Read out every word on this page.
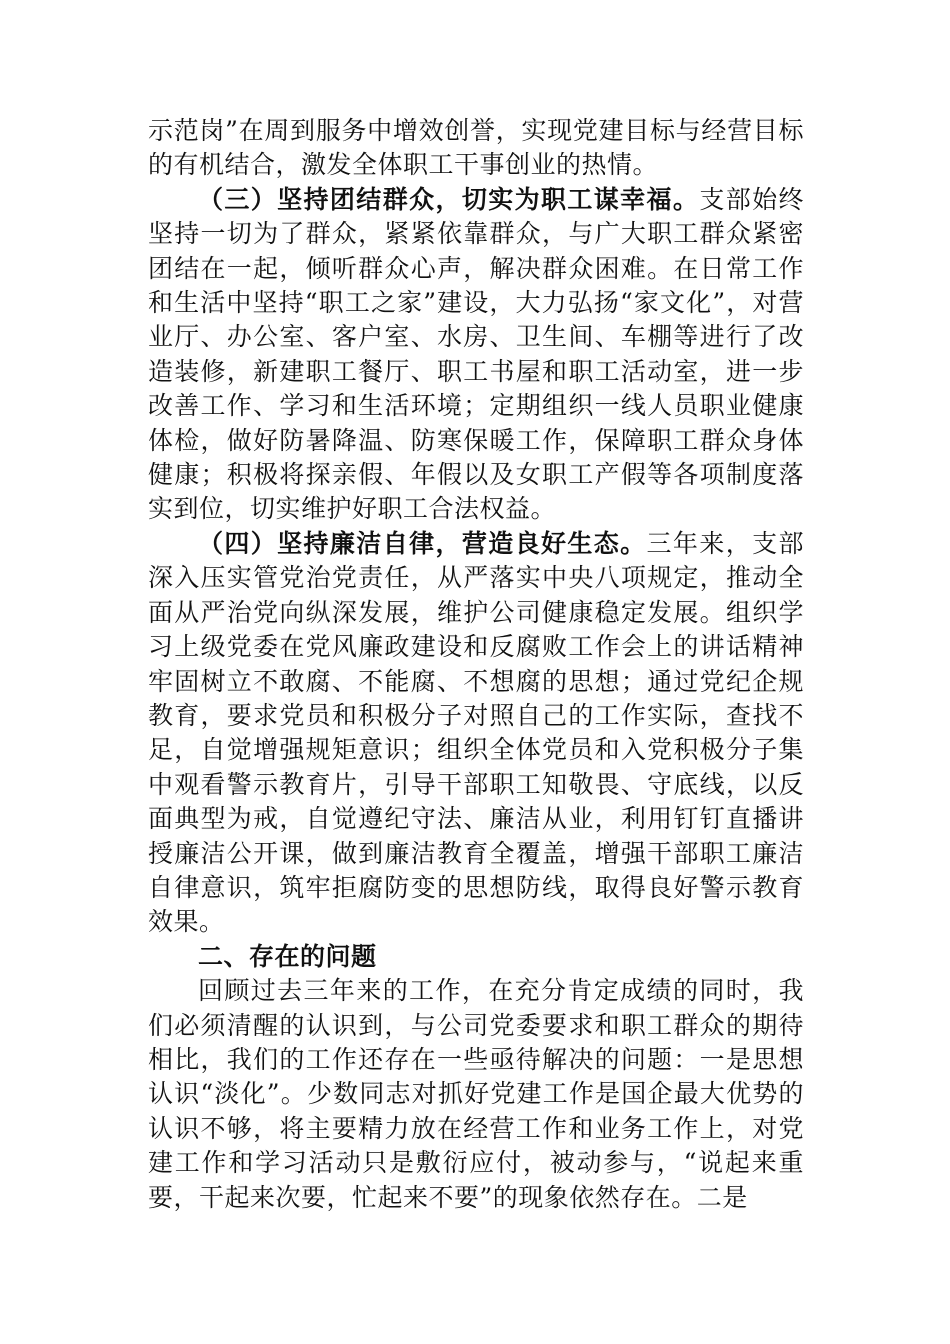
示范岗”在周到服务中增效创誉，实现党建目标与经营目标的有机结合，激发全体职工干事创业的热情。

（三）坚持团结群众，切实为职工谋幸福。支部始终坚持一切为了群众，紧紧依靠群众，与广大职工群众紧密团结在一起，倾听群众心声，解决群众困难。在日常工作和生活中坚持“职工之家”建设，大力弘扬“家文化”，对营业厅、办公室、客户室、水房、卫生间、车棚等进行了改造装修，新建职工餐厅、职工书屋和职工活动室，进一步改善工作、学习和生活环境；定期组织一线人员职业健康体检，做好防暑降温、防寒保暖工作，保障职工群众身体健康；积极将探亲假、年假以及女职工产假等各项制度落实到位，切实维护好职工合法权益。

（四）坚持廉洁自律，营造良好生态。三年来，支部深入压实管党治党责任，从严落实中央八项规定，推动全面从严治党向纵深发展，维护公司健康稳定发展。组织学习上级党委在党风廉政建设和反腐败工作会上的讲话精神牢固树立不敢腐、不能腐、不想腐的思想；通过党纪企规教育，要求党员和积极分子对照自己的工作实际，查找不足，自觉增强规矩意识；组织全体党员和入党积极分子集中观看警示教育片，引导干部职工知敬畏、守底线，以反面典型为戒，自觉遵纪守法、廉洁从业，利用钉钉直播讲授廉洁公开课，做到廉洁教育全覆盖，增强干部职工廉洁自律意识，筑牢拒腐防变的思想防线，取得良好警示教育效果。

二、存在的问题

回顾过去三年来的工作，在充分肯定成绩的同时，我们必须清醒的认识到，与公司党委要求和职工群众的期待相比，我们的工作还存在一些亟待解决的问题：一是思想认识“淡化”。少数同志对抓好党建工作是国企最大优势的认识不够，将主要精力放在经营工作和业务工作上，对党建工作和学习活动只是敷衍应付，被动参与，“说起来重要，干起来次要，忙起来不要”的现象依然存在。二是
